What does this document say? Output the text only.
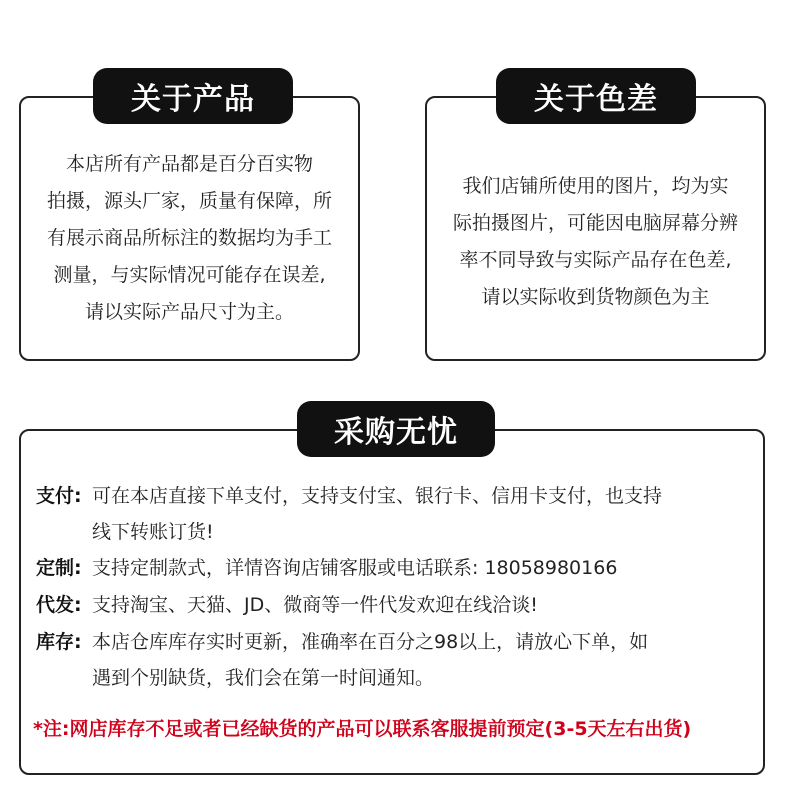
关于产品
本店所有产品都是百分百实物
拍摄，源头厂家，质量有保障，所
有展示商品所标注的数据均为手工
测量，与实际情况可能存在误差,
请以实际产品尺寸为主。
关于色差
我们店铺所使用的图片，均为实
际拍摄图片，可能因电脑屏幕分辨
率不同导致与实际产品存在色差,
请以实际收到货物颜色为主
采购无忧
支付: 可在本店直接下单支付，支持支付宝、银行卡、信用卡支付，也支持
线下转账订货!
定制: 支持定制款式，详情咨询店铺客服或电话联系: 18058980166
代发: 支持淘宝、天猫、JD、微商等一件代发欢迎在线洽谈!
库存: 本店仓库库存实时更新，准确率在百分之98以上，请放心下单，如
遇到个别缺货，我们会在第一时间通知。
*注:网店库存不足或者已经缺货的产品可以联系客服提前预定(3-5天左右出货)
